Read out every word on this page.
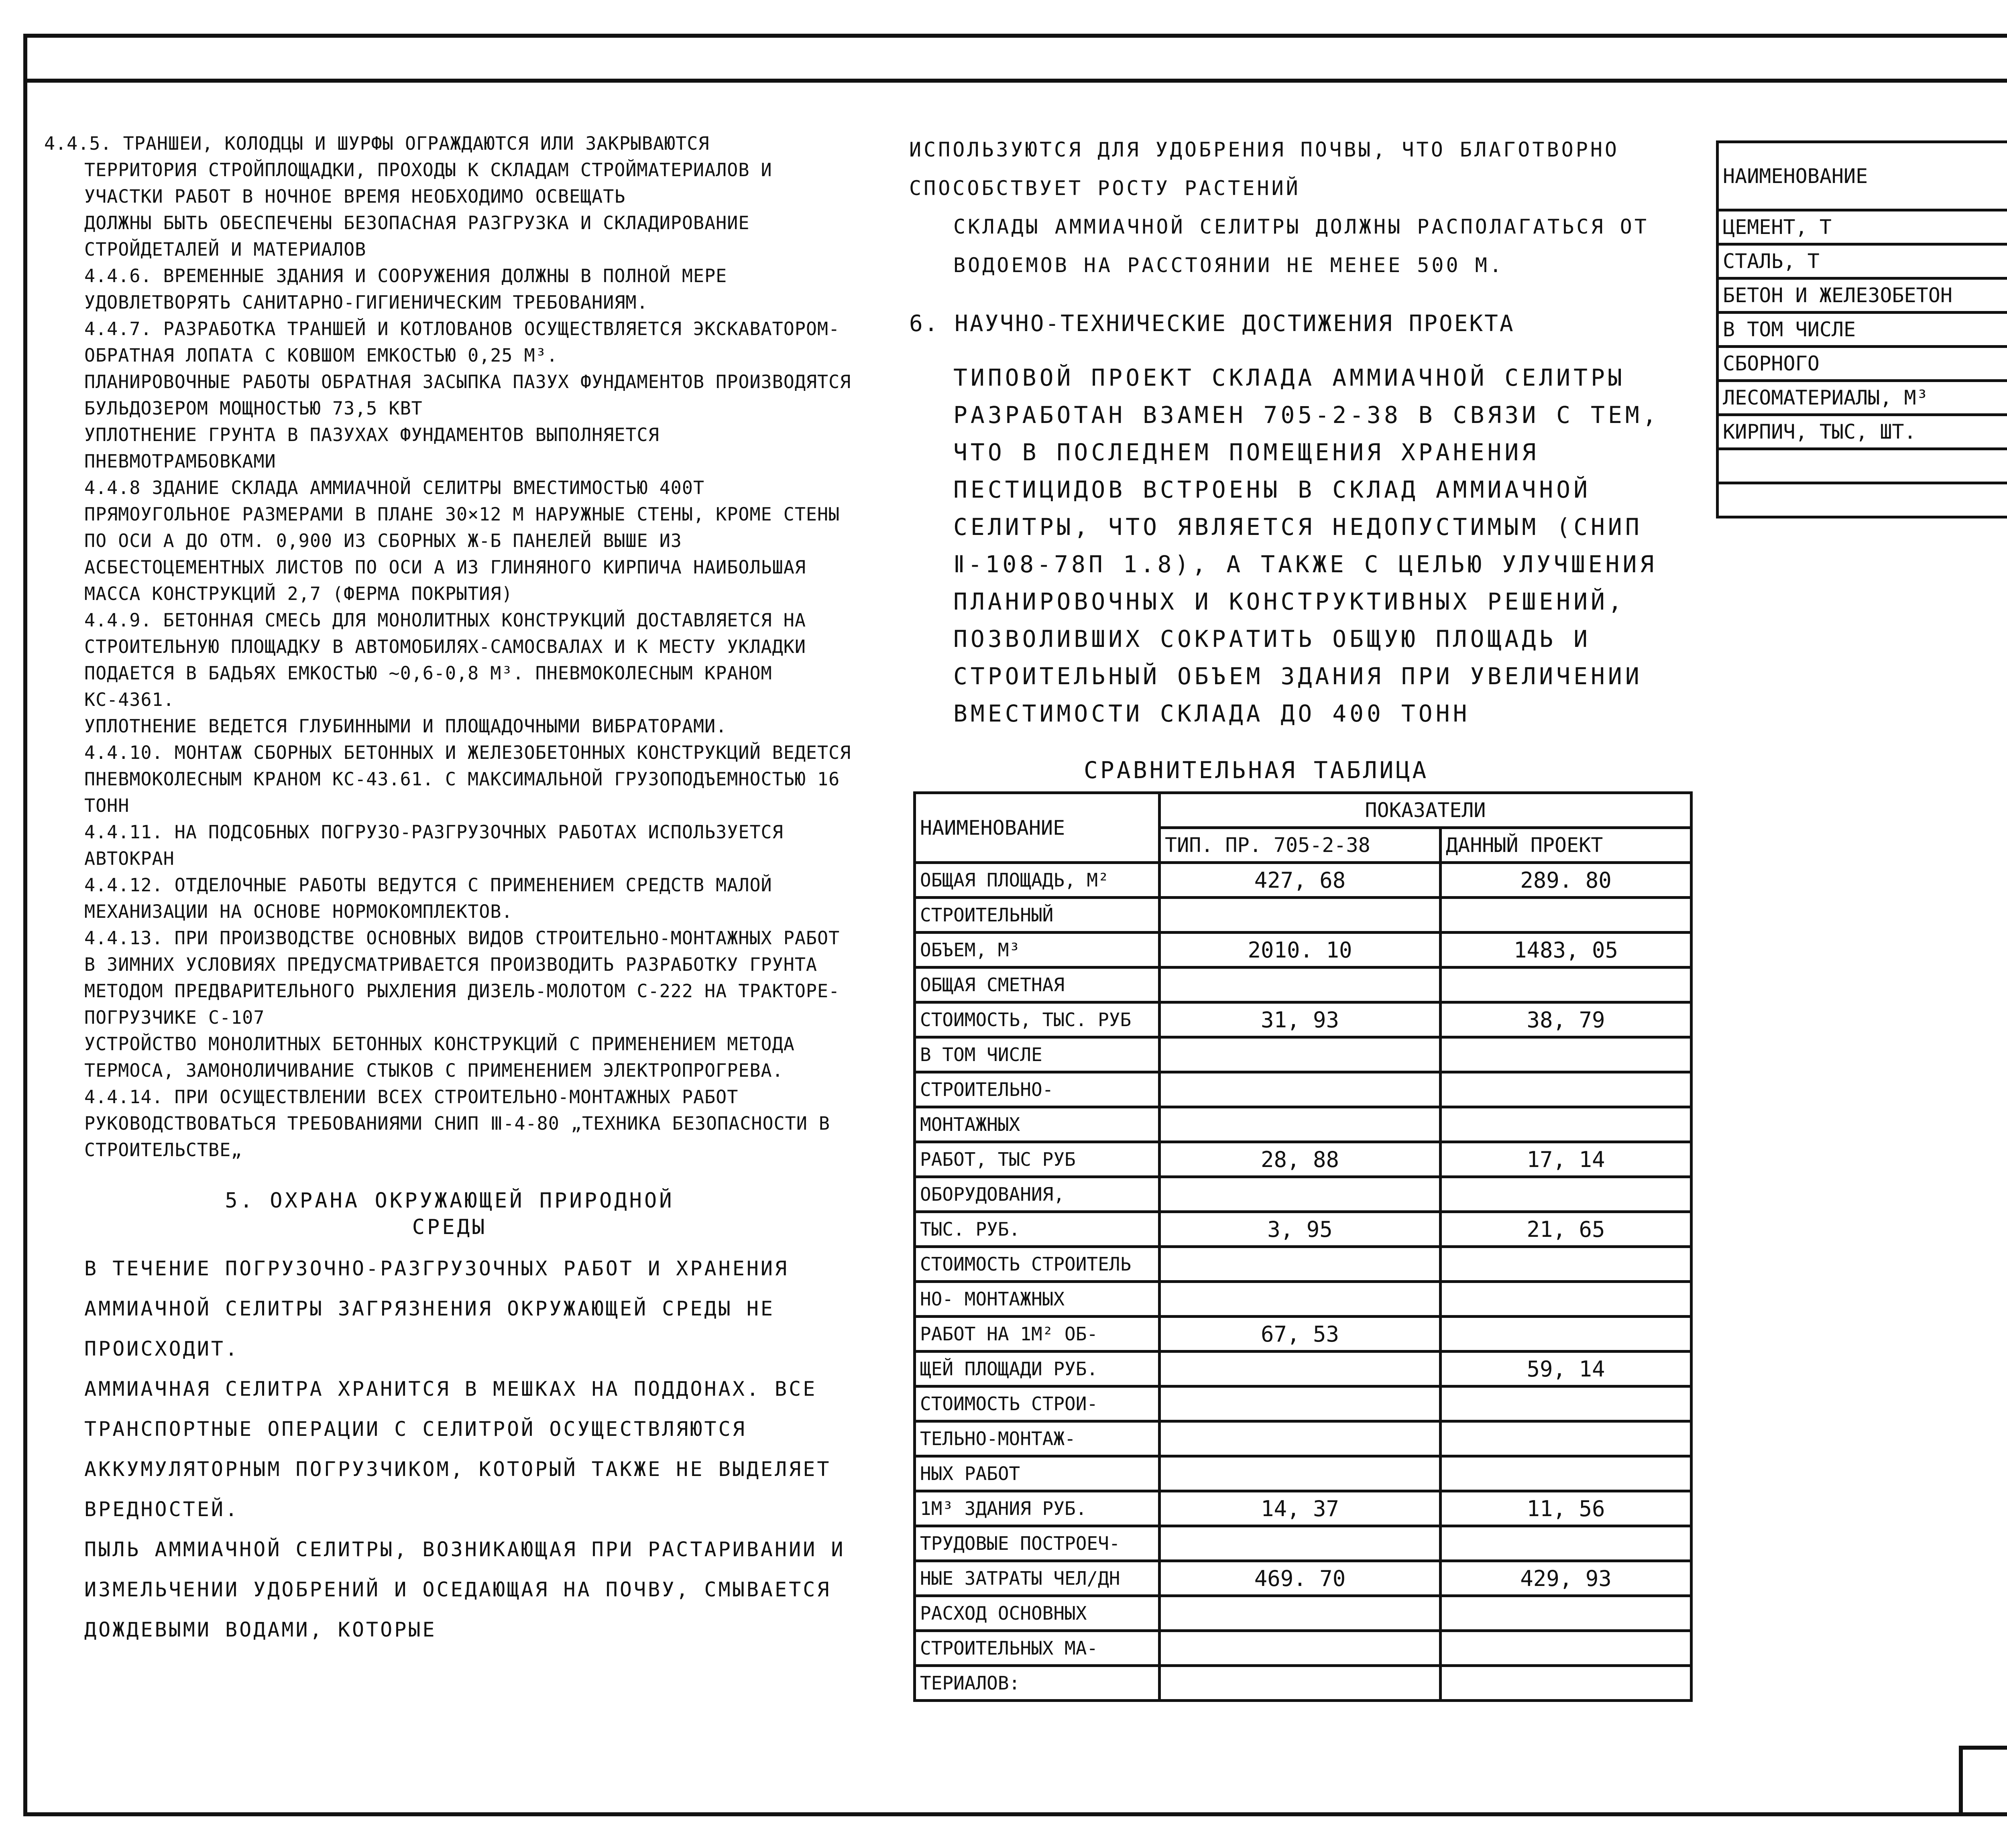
4.4.5. ТРАНШЕИ, КОЛОДЦЫ И ШУРФЫ ОГРАЖДАЮТСЯ ИЛИ ЗАКРЫВАЮТСЯ

ТЕРРИТОРИЯ СТРОЙПЛОЩАДКИ, ПРОХОДЫ К СКЛАДАМ СТРОЙМАТЕРИАЛОВ И УЧАСТКИ РАБОТ В НОЧНОЕ ВРЕМЯ НЕОБХОДИМО ОСВЕЩАТЬ

ДОЛЖНЫ БЫТЬ ОБЕСПЕЧЕНЫ БЕЗОПАСНАЯ РАЗГРУЗКА И СКЛАДИРОВАНИЕ СТРОЙДЕТАЛЕЙ И МАТЕРИАЛОВ

4.4.6. ВРЕМЕННЫЕ ЗДАНИЯ И СООРУЖЕНИЯ ДОЛЖНЫ В ПОЛНОЙ МЕРЕ УДОВЛЕТВОРЯТЬ САНИТАРНО-ГИГИЕНИЧЕСКИМ ТРЕБОВАНИЯМ.

4.4.7. РАЗРАБОТКА ТРАНШЕЙ И КОТЛОВАНОВ ОСУЩЕСТВЛЯЕТСЯ ЭКСКАВАТОРОМ-ОБРАТНАЯ ЛОПАТА С КОВШОМ ЕМКОСТЬЮ 0,25 М³.

ПЛАНИРОВОЧНЫЕ РАБОТЫ ОБРАТНАЯ ЗАСЫПКА ПАЗУХ ФУНДАМЕНТОВ ПРОИЗВОДЯТСЯ БУЛЬДОЗЕРОМ МОЩНОСТЬЮ 73,5 КВТ

УПЛОТНЕНИЕ ГРУНТА В ПАЗУХАХ ФУНДАМЕНТОВ ВЫПОЛНЯЕТСЯ ПНЕВМОТРАМБОВКАМИ

4.4.8 ЗДАНИЕ СКЛАДА АММИАЧНОЙ СЕЛИТРЫ ВМЕСТИМОСТЬЮ 400Т ПРЯМОУГОЛЬНОЕ РАЗМЕРАМИ В ПЛАНЕ 30×12 М НАРУЖНЫЕ СТЕНЫ, КРОМЕ СТЕНЫ ПО ОСИ А ДО ОТМ. 0,900 ИЗ СБОРНЫХ Ж-Б ПАНЕЛЕЙ ВЫШЕ ИЗ АСБЕСТОЦЕМЕНТНЫХ ЛИСТОВ ПО ОСИ А ИЗ ГЛИНЯНОГО КИРПИЧА НАИБОЛЬШАЯ МАССА КОНСТРУКЦИЙ 2,7 (ФЕРМА ПОКРЫТИЯ)

4.4.9. БЕТОННАЯ СМЕСЬ ДЛЯ МОНОЛИТНЫХ КОНСТРУКЦИЙ ДОСТАВЛЯЕТСЯ НА СТРОИТЕЛЬНУЮ ПЛОЩАДКУ В АВТОМОБИЛЯХ-САМОСВАЛАХ И К МЕСТУ УКЛАДКИ ПОДАЕТСЯ В БАДЬЯХ ЕМКОСТЬЮ ~0,6-0,8 М³. ПНЕВМОКОЛЕСНЫМ КРАНОМ КС-4361.

УПЛОТНЕНИЕ ВЕДЕТСЯ ГЛУБИННЫМИ И ПЛОЩАДОЧНЫМИ ВИБРАТОРАМИ.

4.4.10. МОНТАЖ СБОРНЫХ БЕТОННЫХ И ЖЕЛЕЗОБЕТОННЫХ КОНСТРУКЦИЙ ВЕДЕТСЯ ПНЕВМОКОЛЕСНЫМ КРАНОМ КС-43.61. С МАКСИМАЛЬНОЙ ГРУЗОПОДЪЕМНОСТЬЮ 16 ТОНН

4.4.11. НА ПОДСОБНЫХ ПОГРУЗО-РАЗГРУЗОЧНЫХ РАБОТАХ ИСПОЛЬЗУЕТСЯ АВТОКРАН

4.4.12. ОТДЕЛОЧНЫЕ РАБОТЫ ВЕДУТСЯ С ПРИМЕНЕНИЕМ СРЕДСТВ МАЛОЙ МЕХАНИЗАЦИИ НА ОСНОВЕ НОРМОКОМПЛЕКТОВ.

4.4.13. ПРИ ПРОИЗВОДСТВЕ ОСНОВНЫХ ВИДОВ СТРОИТЕЛЬНО-МОНТАЖНЫХ РАБОТ В ЗИМНИХ УСЛОВИЯХ ПРЕДУСМАТРИВАЕТСЯ ПРОИЗВОДИТЬ РАЗРАБОТКУ ГРУНТА МЕТОДОМ ПРЕДВАРИТЕЛЬНОГО РЫХЛЕНИЯ ДИЗЕЛЬ-МОЛОТОМ С-222 НА ТРАКТОРЕ-ПОГРУЗЧИКЕ С-107

УСТРОЙСТВО МОНОЛИТНЫХ БЕТОННЫХ КОНСТРУКЦИЙ С ПРИМЕНЕНИЕМ МЕТОДА ТЕРМОСА, ЗАМОНОЛИЧИВАНИЕ СТЫКОВ С ПРИМЕНЕНИЕМ ЭЛЕКТРОПРОГРЕВА.

4.4.14. ПРИ ОСУЩЕСТВЛЕНИИ ВСЕХ СТРОИТЕЛЬНО-МОНТАЖНЫХ РАБОТ РУКОВОДСТВОВАТЬСЯ ТРЕБОВАНИЯМИ СНИП Ⅲ-4-80 „ТЕХНИКА БЕЗОПАСНОСТИ В СТРОИТЕЛЬСТВЕ„

5. ОХРАНА ОКРУЖАЮЩЕЙ ПРИРОДНОЙ

СРЕДЫ

В ТЕЧЕНИЕ ПОГРУЗОЧНО-РАЗГРУЗОЧНЫХ РАБОТ И ХРАНЕНИЯ АММИАЧНОЙ СЕЛИТРЫ ЗАГРЯЗНЕНИЯ ОКРУЖАЮЩЕЙ СРЕДЫ НЕ ПРОИСХОДИТ.

АММИАЧНАЯ СЕЛИТРА ХРАНИТСЯ В МЕШКАХ НА ПОДДОНАХ. ВСЕ ТРАНСПОРТНЫЕ ОПЕРАЦИИ С СЕЛИТРОЙ ОСУЩЕСТВЛЯЮТСЯ АККУМУЛЯТОРНЫМ ПОГРУЗЧИКОМ, КОТОРЫЙ ТАКЖЕ НЕ ВЫДЕЛЯЕТ ВРЕДНОСТЕЙ.

ПЫЛЬ АММИАЧНОЙ СЕЛИТРЫ, ВОЗНИКАЮЩАЯ ПРИ РАСТАРИВАНИИ И ИЗМЕЛЬЧЕНИИ УДОБРЕНИЙ И ОСЕДАЮЩАЯ НА ПОЧВУ, СМЫВАЕТСЯ ДОЖДЕВЫМИ ВОДАМИ, КОТОРЫЕ

ИСПОЛЬЗУЮТСЯ ДЛЯ УДОБРЕНИЯ ПОЧВЫ, ЧТО БЛАГОТВОРНО СПОСОБСТВУЕТ РОСТУ РАСТЕНИЙ

СКЛАДЫ АММИАЧНОЙ СЕЛИТРЫ ДОЛЖНЫ РАСПОЛАГАТЬСЯ ОТ ВОДОЕМОВ НА РАССТОЯНИИ НЕ МЕНЕЕ 500 М.

6. НАУЧНО-ТЕХНИЧЕСКИЕ ДОСТИЖЕНИЯ ПРОЕКТА

ТИПОВОЙ ПРОЕКТ СКЛАДА АММИАЧНОЙ СЕЛИТРЫ РАЗРАБОТАН ВЗАМЕН 705-2-38 В СВЯЗИ С ТЕМ, ЧТО В ПОСЛЕДНЕМ ПОМЕЩЕНИЯ ХРАНЕНИЯ ПЕСТИЦИДОВ ВСТРОЕНЫ В СКЛАД АММИАЧНОЙ СЕЛИТРЫ, ЧТО ЯВЛЯЕТСЯ НЕДОПУСТИМЫМ (СНИП Ⅱ-108-78П 1.8), А ТАКЖЕ С ЦЕЛЬЮ УЛУЧШЕНИЯ ПЛАНИРОВОЧНЫХ И КОНСТРУКТИВНЫХ РЕШЕНИЙ, ПОЗВОЛИВШИХ СОКРАТИТЬ ОБЩУЮ ПЛОЩАДЬ И СТРОИТЕЛЬНЫЙ ОБЪЕМ ЗДАНИЯ ПРИ УВЕЛИЧЕНИИ ВМЕСТИМОСТИ СКЛАДА ДО 400 ТОНН

СРАВНИТЕЛЬНАЯ ТАБЛИЦА
НАИМЕНОВАНИЕ	ПОКАЗАТЕЛИ	
	ТИП. ПР. 705-2-38	ДАННЫЙ ПРОЕКТ
ОБЩАЯ ПЛОЩАДЬ, М²	427, 68	289. 80
СТРОИТЕЛЬНЫЙ		
ОБЪЕМ, М³	2010. 10	1483, 05
ОБЩАЯ СМЕТНАЯ		
СТОИМОСТЬ, ТЫС. РУБ	31, 93	38, 79
В ТОМ ЧИСЛЕ		
СТРОИТЕЛЬНО-		
МОНТАЖНЫХ		
РАБОТ, ТЫС РУБ	28, 88	17, 14
ОБОРУДОВАНИЯ,		
ТЫС. РУБ.	3, 95	21, 65
СТОИМОСТЬ СТРОИТЕЛЬ		
НО- МОНТАЖНЫХ		
РАБОТ НА 1М² ОБ-	67, 53	
ЩЕЙ ПЛОЩАДИ РУБ.		59, 14
СТОИМОСТЬ СТРОИ-		
ТЕЛЬНО-МОНТАЖ-		
НЫХ РАБОТ		
1М³ ЗДАНИЯ РУБ.	14, 37	11, 56
ТРУДОВЫЕ ПОСТРОЕЧ-		
НЫЕ ЗАТРАТЫ ЧЕЛ/ДН	469. 70	429, 93
РАСХОД ОСНОВНЫХ		
СТРОИТЕЛЬНЫХ МА-		
ТЕРИАЛОВ:		
НАИМЕНОВАНИЕ	

ЦЕМЕНТ, Т		
СТАЛЬ, Т		
БЕТОН И ЖЕЛЕЗОБЕТОН		
В ТОМ ЧИСЛЕ		
СБОРНОГО		
ЛЕСОМАТЕРИАЛЫ, М³		
КИРПИЧ, ТЫС, ШТ.		
